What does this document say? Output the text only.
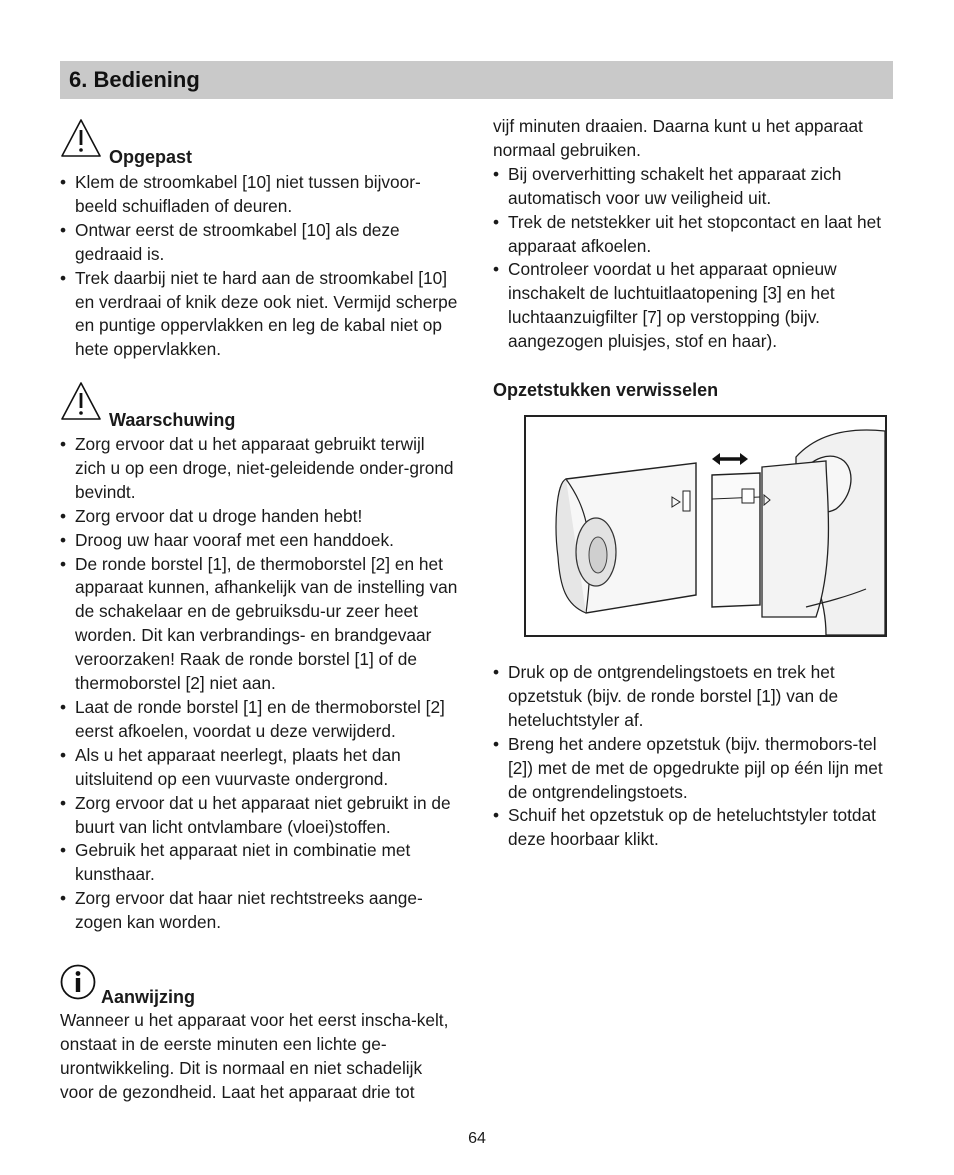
6. Bediening
Opgepast
• Klem de stroomkabel [10] niet tussen bijvoor-beeld schuifladen of deuren.
• Ontwar eerst de stroomkabel [10] als deze gedraaid is.
• Trek daarbij niet te hard aan de stroomkabel [10] en verdraai of knik deze ook niet. Vermijd scherpe en puntige oppervlakken en leg de kabal niet op hete oppervlakken.
Waarschuwing
• Zorg ervoor dat u het apparaat gebruikt terwijl zich u op een droge, niet-geleidende onder-grond bevindt.
• Zorg ervoor dat u droge handen hebt!
• Droog uw haar vooraf met een handdoek.
• De ronde borstel [1], de thermoborstel [2] en het apparaat kunnen, afhankelijk van de instelling van de schakelaar en de gebruiksdu-ur zeer heet worden. Dit kan verbrandings- en brandgevaar veroorzaken! Raak de ronde borstel [1] of de thermoborstel [2] niet aan.
• Laat de ronde borstel [1] en de thermoborstel [2] eerst afkoelen, voordat u deze verwijderd.
• Als u het apparaat neerlegt, plaats het dan uitsluitend op een vuurvaste ondergrond.
• Zorg ervoor dat u het apparaat niet gebruikt in de buurt van licht ontvlambare (vloei)stoffen.
• Gebruik het apparaat niet in combinatie met kunsthaar.
• Zorg ervoor dat haar niet rechtstreeks aange-zogen kan worden.
Aanwijzing

Wanneer u het apparaat voor het eerst inscha-kelt, onstaat in de eerste minuten een lichte ge-urontwikkeling. Dit is normaal en niet schadelijk voor de gezondheid. Laat het apparaat drie tot

vijf minuten draaien. Daarna kunt u het apparaat normaal gebruiken.

• Bij oververhitting schakelt het apparaat zich automatisch voor uw veiligheid uit.
• Trek de netstekker uit het stopcontact en laat het apparaat afkoelen.
• Controleer voordat u het apparaat opnieuw inschakelt de luchtuitlaatopening [3] en het luchtaanzuigfilter [7] op verstopping (bijv. aangezogen pluisjes, stof en haar).
Opzetstukken verwisselen
• Druk op de ontgrendelingstoets en trek het opzetstuk (bijv. de ronde borstel [1]) van de heteluchtstyler af.
• Breng het andere opzetstuk (bijv. thermobors-tel [2]) met de met de opgedrukte pijl op één lijn met de ontgrendelingstoets.
• Schuif het opzetstuk op de heteluchtstyler totdat deze hoorbaar klikt.
64
